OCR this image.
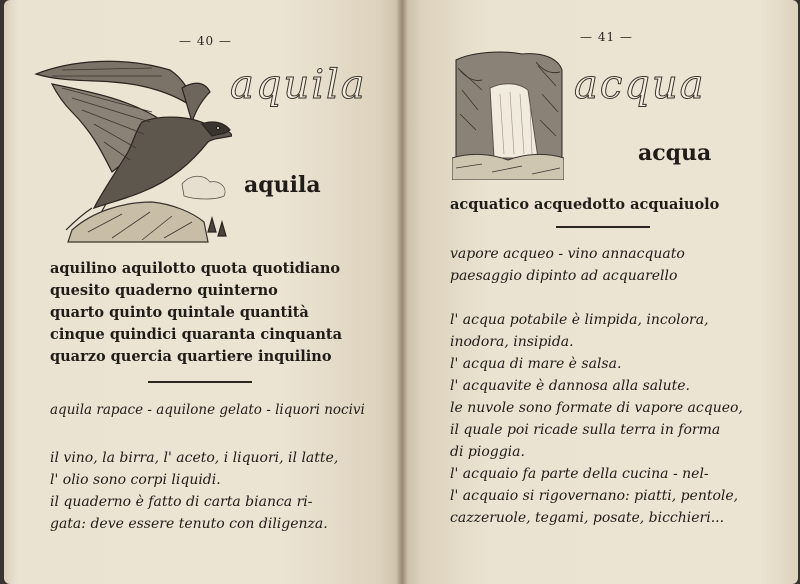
— 40 —
aquila
aquila
aquilino aquilotto quota quotidiano
quesito quaderno quinterno
quarto quinto quintale quantità
cinque quindici quaranta cinquanta
quarzo quercia quartiere inquilino
aquila rapace - aquilone gelato - liquori nocivi
il vino, la birra, l' aceto, i liquori, il latte,
l' olio sono corpi liquidi.
il quaderno è fatto di carta bianca ri-
gata: deve essere tenuto con diligenza.
— 41 —
acqua
acqua
acquatico acquedotto acquaiuolo
vapore acqueo - vino annacquato
paesaggio dipinto ad acquarello
l' acqua potabile è limpida, incolora,
inodora, insipida.
l' acqua di mare è salsa.
l' acquavite è dannosa alla salute.
le nuvole sono formate di vapore acqueo,
il quale poi ricade sulla terra in forma
di pioggia.
l' acquaio fa parte della cucina - nel-
l' acquaio si rigovernano: piatti, pentole,
cazzeruole, tegami, posate, bicchieri...
